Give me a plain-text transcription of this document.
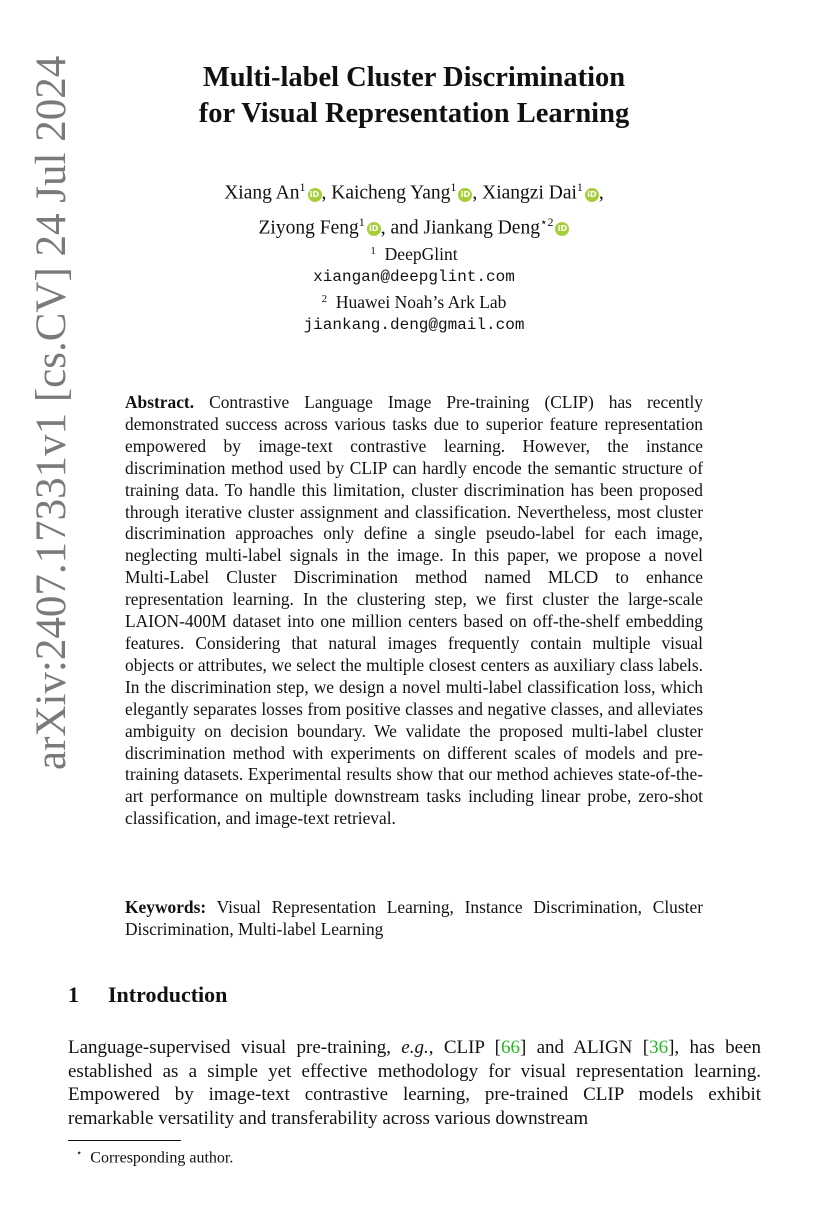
arXiv:2407.17331v1 [cs.CV] 24 Jul 2024	Multi-label Cluster Discrimination
for Visual Representation Learning
Xiang An$^1$ iD , Kaicheng Yang$^1$ iD , Xiangzi Dai$^1$ iD ,
Ziyong Feng$^1$ iD , and Jiankang Deng$^{⋆2}$ iD
$^1$ DeepGlint
xiangan@deepglint.com
$^2$ Huawei Noah’s Ark Lab
jiankang.deng@gmail.com
Abstract. Contrastive Language Image Pre-training (CLIP) has recently demonstrated success across various tasks due to superior feature representation empowered by image-text contrastive learning. However, the instance discrimination method used by CLIP can hardly encode the semantic structure of training data. To handle this limitation, cluster discrimination has been proposed through iterative cluster assignment and classification. Nevertheless, most cluster discrimination approaches only define a single pseudo-label for each image, neglecting multi-label signals in the image. In this paper, we propose a novel Multi-Label Cluster Discrimination method named MLCD to enhance representation learning. In the clustering step, we first cluster the large-scale LAION-400M dataset into one million centers based on off-the-shelf embedding features. Considering that natural images frequently contain multiple visual objects or attributes, we select the multiple closest centers as auxiliary class labels. In the discrimination step, we design a novel multi-label classification loss, which elegantly separates losses from positive classes and negative classes, and alleviates ambiguity on decision boundary. We validate the proposed multi-label cluster discrimination method with experiments on different scales of models and pre-training datasets. Experimental results show that our method achieves state-of-the-art performance on multiple downstream tasks including linear probe, zero-shot classification, and image-text retrieval.
Keywords: Visual Representation Learning, Instance Discrimination, Cluster Discrimination, Multi-label Learning
1 Introduction
Language-supervised visual pre-training, e.g., CLIP [66] and ALIGN [36], has been established as a simple yet effective methodology for visual representation learning. Empowered by image-text contrastive learning, pre-trained CLIP models exhibit remarkable versatility and transferability across various downstream
⋆ Corresponding author.
